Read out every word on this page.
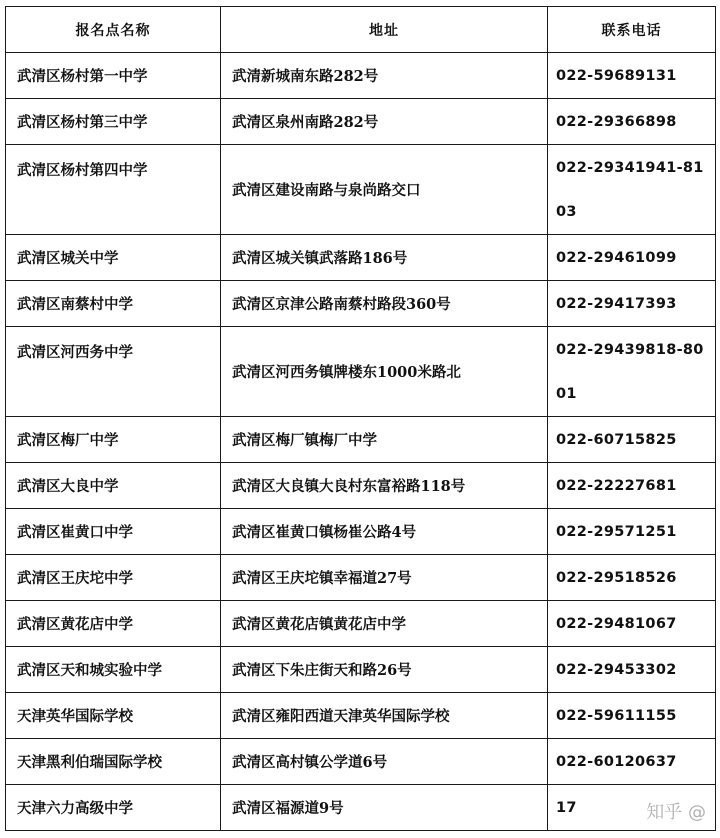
报名点名称	地址	联系电话
武清区杨村第一中学	武清新城南东路282号	022-59689131
武清区杨村第三中学	武清区泉州南路282号	022-29366898
武清区杨村第四中学	武清区建设南路与泉尚路交口	022-29341941-8103
武清区城关中学	武清区城关镇武落路186号	022-29461099
武清区南蔡村中学	武清区京津公路南蔡村路段360号	022-29417393
武清区河西务中学	武清区河西务镇牌楼东1000米路北	022-29439818-8001
武清区梅厂中学	武清区梅厂镇梅厂中学	022-60715825
武清区大良中学	武清区大良镇大良村东富裕路118号	022-22227681
武清区崔黄口中学	武清区崔黄口镇杨崔公路4号	022-29571251
武清区王庆坨中学	武清区王庆坨镇幸福道27号	022-29518526
武清区黄花店中学	武清区黄花店镇黄花店中学	022-29481067
武清区天和城实验中学	武清区下朱庄街天和路26号	022-29453302
天津英华国际学校	武清区雍阳西道天津英华国际学校	022-59611155
天津黑利伯瑞国际学校	武清区高村镇公学道6号	022-60120637
天津六力高级中学	武清区福源道9号	17	知乎 @
